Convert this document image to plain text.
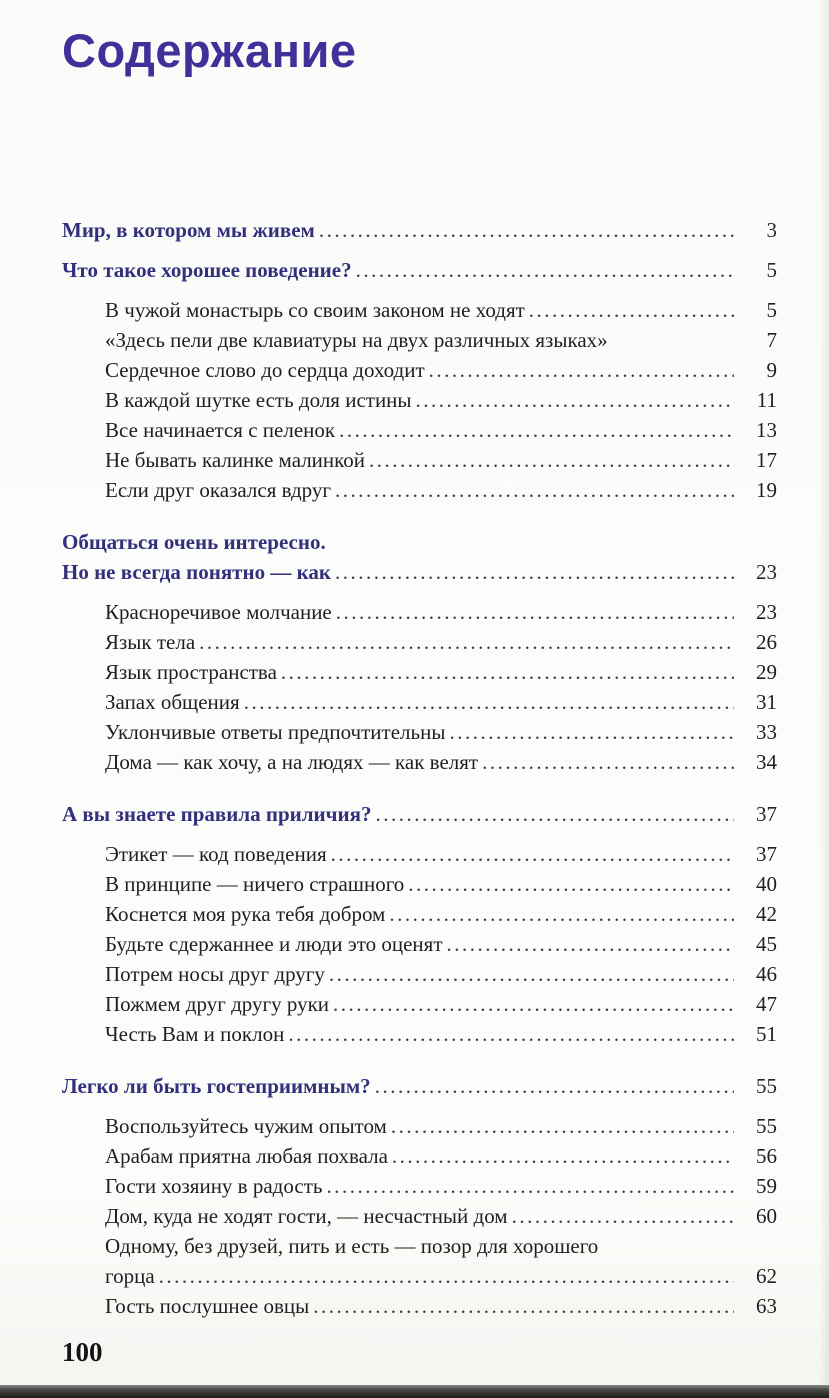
Содержание
Мир, в котором мы живем .....	3
Что такое хорошее поведение? .....	5
В чужой монастырь со своим законом не ходят .....	5
«Здесь пели две клавиатуры на двух различных языках»	7
Сердечное слово до сердца доходит .....	9
В каждой шутке есть доля истины .....	11
Все начинается с пеленок .....	13
Не бывать калинке малинкой .....	17
Если друг оказался вдруг .....	19
Общаться очень интересно.
Но не всегда понятно — как .....	23
Красноречивое молчание .....	23
Язык тела .....	26
Язык пространства .....	29
Запах общения .....	31
Уклончивые ответы предпочтительны .....	33
Дома — как хочу, а на людях — как велят .....	34
А вы знаете правила приличия? .....	37
Этикет — код поведения .....	37
В принципе — ничего страшного .....	40
Коснется моя рука тебя добром .....	42
Будьте сдержаннее и люди это оценят .....	45
Потрем носы друг другу .....	46
Пожмем друг другу руки .....	47
Честь Вам и поклон .....	51
Легко ли быть гостеприимным? .....	55
Воспользуйтесь чужим опытом .....	55
Арабам приятна любая похвала .....	56
Гости хозяину в радость .....	59
Дом, куда не ходят гости, — несчастный дом .....	60
Одному, без друзей, пить и есть — позор для хорошего
горца .....	62
Гость послушнее овцы .....	63
100
